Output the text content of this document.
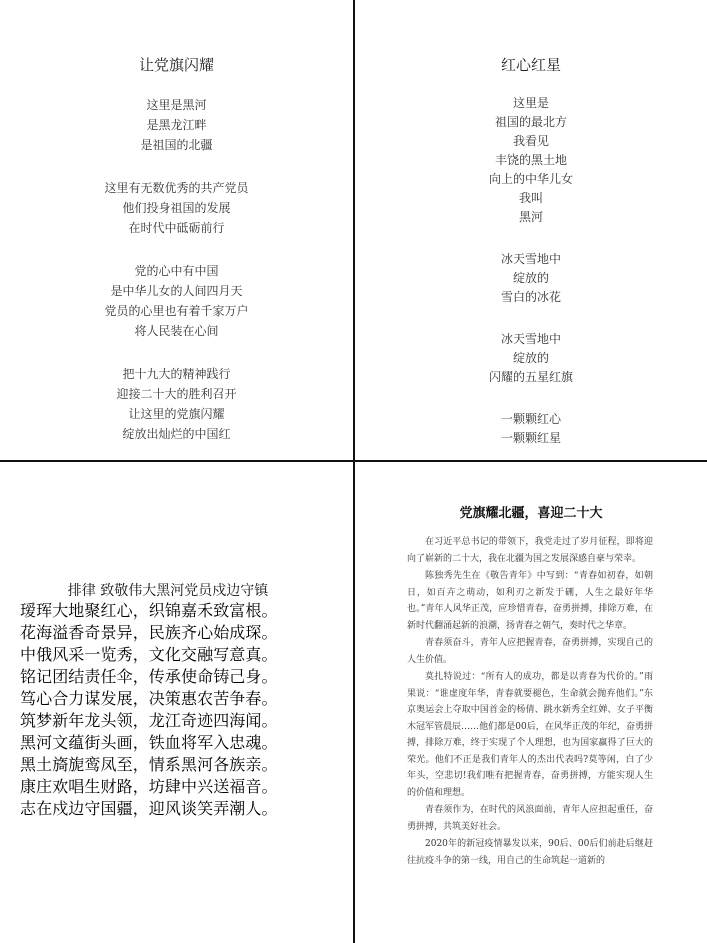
让党旗闪耀
这里是黑河
是黑龙江畔
是祖国的北疆
这里有无数优秀的共产党员
他们投身祖国的发展
在时代中砥砺前行
党的心中有中国
是中华儿女的人间四月天
党员的心里也有着千家万户
将人民装在心间
把十九大的精神践行
迎接二十大的胜利召开
让这里的党旗闪耀
绽放出灿烂的中国红
红心红星
这里是
祖国的最北方
我看见
丰饶的黑土地
向上的中华儿女
我叫
黑河
冰天雪地中
绽放的
雪白的冰花
冰天雪地中
绽放的
闪耀的五星红旗
一颗颗红心
一颗颗红星
排律 致敬伟大黑河党员戍边守镇
瑷珲大地聚红心，织锦嘉禾致富根。
花海溢香奇景异，民族齐心始成琛。
中俄风采一览秀，文化交融写意真。
铭记团结责任伞，传承使命铸己身。
笃心合力谋发展，决策惠农苦争春。
筑梦新年龙头领，龙江奇迹四海闻。
黑河文蕴街头画，铁血将军入忠魂。
黑土旖旎鸾凤至，情系黑河各族亲。
康庄欢唱生财路，坊肆中兴送福音。
志在戍边守国疆，迎风谈笑弄潮人。
党旗耀北疆，喜迎二十大

在习近平总书记的带领下，我党走过了岁月征程，即将迎向了崭新的二十大，我在北疆为国之发展深感自豪与荣幸。

陈独秀先生在《敬告青年》中写到：“青春如初春，如朝日，如百卉之萌动，如利刃之新发于硎，人生之最好年华也。”青年人风华正茂，应珍惜青春，奋勇拼搏，排除万难，在新时代翻涌起新的浪潮，扬青春之朝气，奏时代之华章。

青春须奋斗，青年人应把握青春，奋勇拼搏，实现自己的人生价值。

莫扎特说过：“所有人的成功，都是以青春为代价的。”雨果说：“谁虚度年华，青春就要褪色，生命就会抛弃他们。”东京奥运会上夺取中国首金的杨倩、跳水新秀全红婵、女子平衡木冠军管晨辰……他们都是00后，在风华正茂的年纪，奋勇拼搏，排除万难，终于实现了个人理想，也为国家赢得了巨大的荣光。他们不正是我们青年人的杰出代表吗?莫等闲，白了少年头，空悲切!我们唯有把握青春，奋勇拼搏，方能实现人生的价值和理想。

青春须作为，在时代的风浪面前，青年人应担起重任，奋勇拼搏，共筑美好社会。

2020年的新冠疫情暴发以来，90后、00后们前赴后继赶往抗疫斗争的第一线，用自己的生命筑起一道新的
